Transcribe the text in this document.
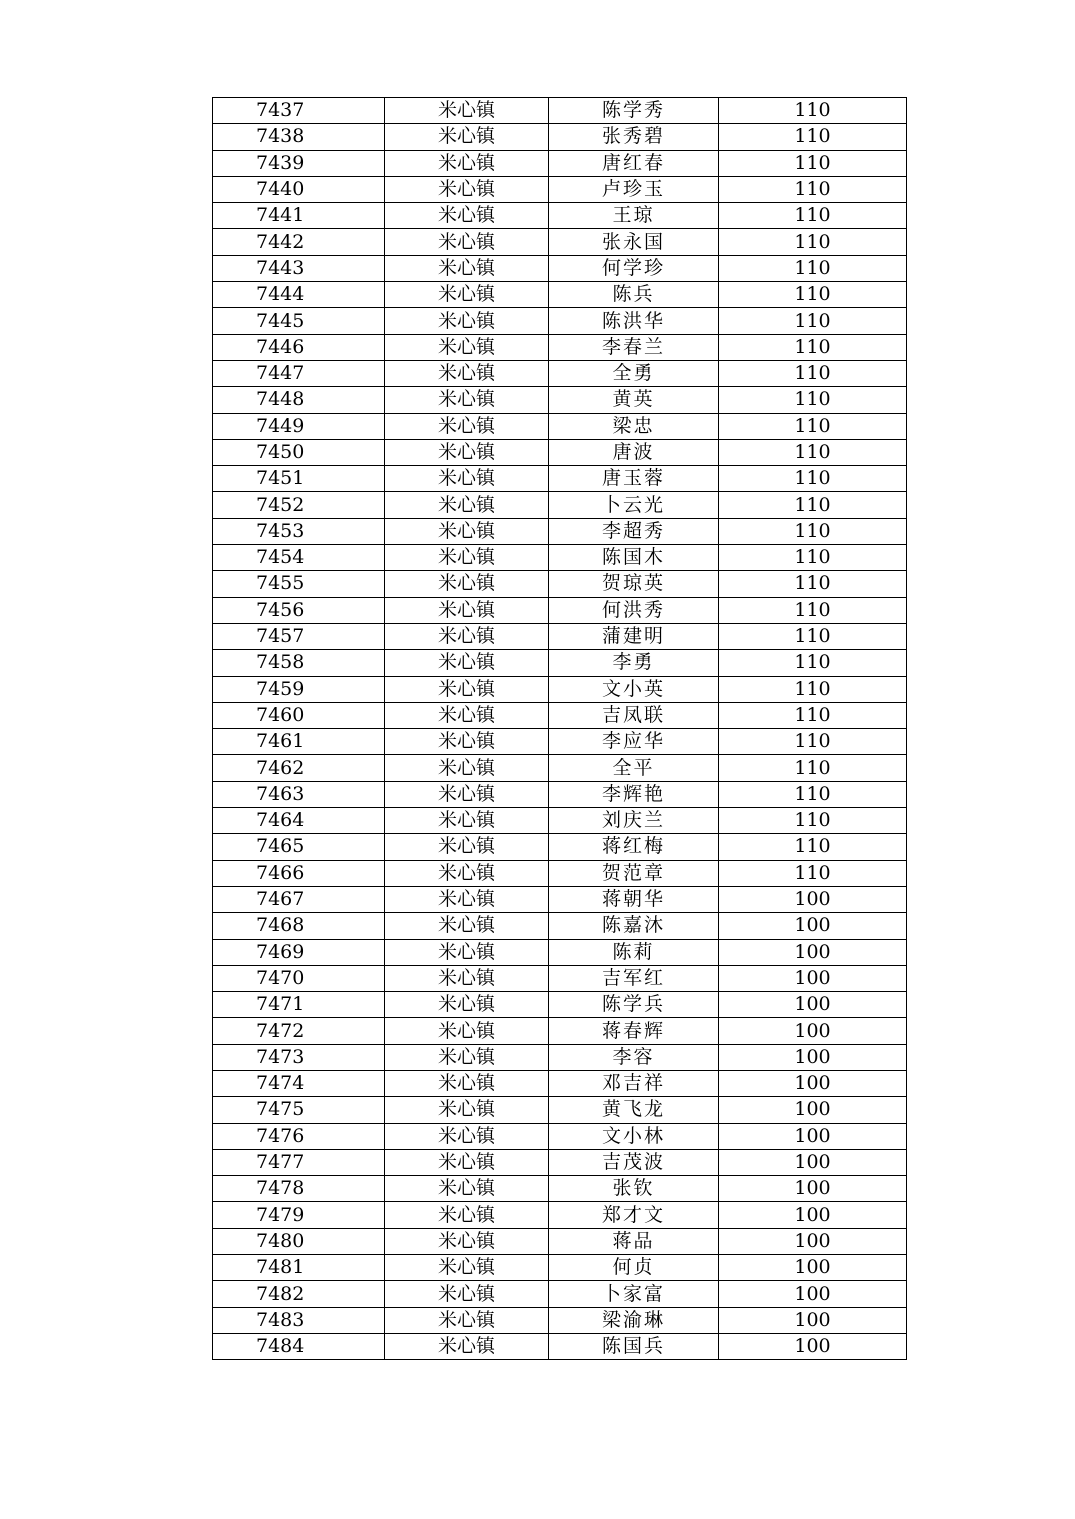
7437	米心镇	陈学秀	110
7438	米心镇	张秀碧	110
7439	米心镇	唐红春	110
7440	米心镇	卢珍玉	110
7441	米心镇	王琼	110
7442	米心镇	张永国	110
7443	米心镇	何学珍	110
7444	米心镇	陈兵	110
7445	米心镇	陈洪华	110
7446	米心镇	李春兰	110
7447	米心镇	全勇	110
7448	米心镇	黄英	110
7449	米心镇	梁忠	110
7450	米心镇	唐波	110
7451	米心镇	唐玉蓉	110
7452	米心镇	卜云光	110
7453	米心镇	李超秀	110
7454	米心镇	陈国木	110
7455	米心镇	贺琼英	110
7456	米心镇	何洪秀	110
7457	米心镇	蒲建明	110
7458	米心镇	李勇	110
7459	米心镇	文小英	110
7460	米心镇	吉凤联	110
7461	米心镇	李应华	110
7462	米心镇	全平	110
7463	米心镇	李辉艳	110
7464	米心镇	刘庆兰	110
7465	米心镇	蒋红梅	110
7466	米心镇	贺范章	110
7467	米心镇	蒋朝华	100
7468	米心镇	陈嘉沐	100
7469	米心镇	陈莉	100
7470	米心镇	吉军红	100
7471	米心镇	陈学兵	100
7472	米心镇	蒋春辉	100
7473	米心镇	李容	100
7474	米心镇	邓吉祥	100
7475	米心镇	黄飞龙	100
7476	米心镇	文小林	100
7477	米心镇	吉茂波	100
7478	米心镇	张钦	100
7479	米心镇	郑才文	100
7480	米心镇	蒋品	100
7481	米心镇	何贞	100
7482	米心镇	卜家富	100
7483	米心镇	梁渝琳	100
7484	米心镇	陈国兵	100
